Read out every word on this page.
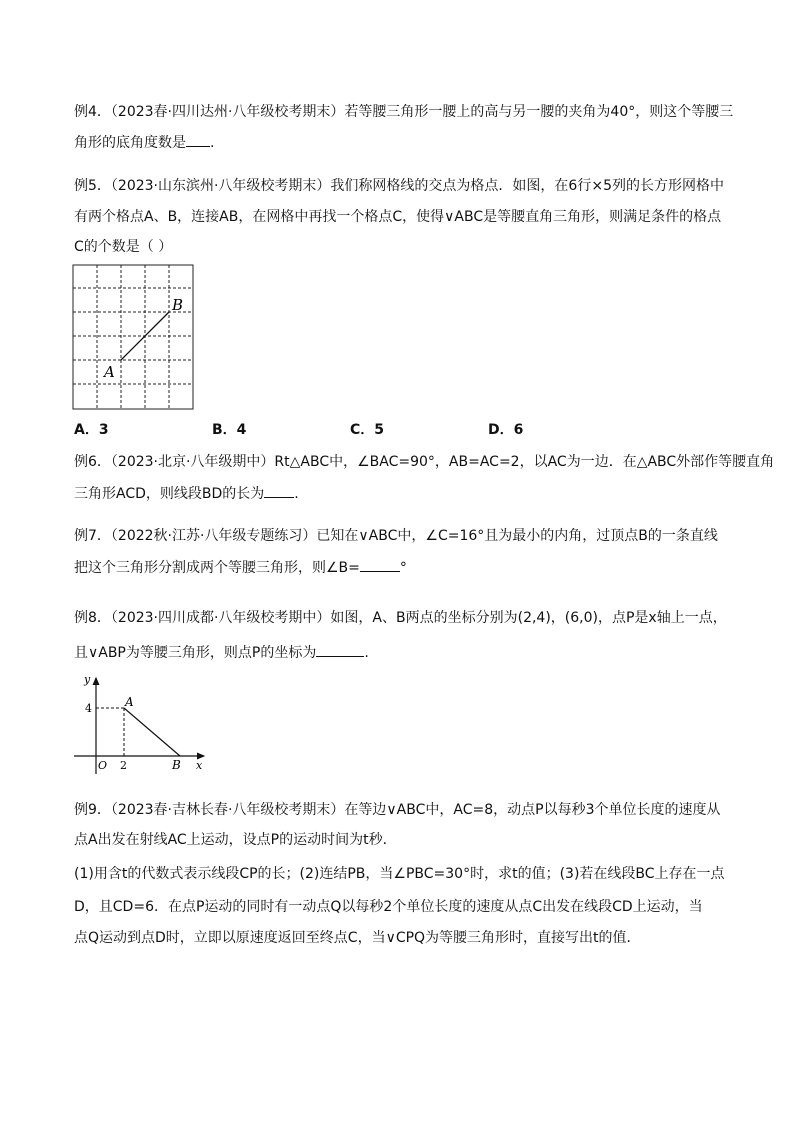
例4．（2023春·四川达州·八年级校考期末）若等腰三角形一腰上的高与另一腰的夹角为40°，则这个等腰三
角形的底角度数是 .
例5．（2023·山东滨州·八年级校考期末）我们称网格线的交点为格点．如图，在6行×5列的长方形网格中
有两个格点A、B，连接AB，在网格中再找一个格点C，使得∨ABC是等腰直角三角形，则满足条件的格点
C的个数是（ ）
A
B
A．3	B．4	C．5	D．6
例6．（2023·北京·八年级期中）Rt△ABC中，∠BAC=90°，AB=AC=2，以AC为一边．在△ABC外部作等腰直角
三角形ACD，则线段BD的长为 .
例7．（2022秋·江苏·八年级专题练习）已知在∨ABC中，∠C=16°且为最小的内角，过顶点B的一条直线
把这个三角形分割成两个等腰三角形，则∠B=	°
例8．（2023·四川成都·八年级校考期中）如图，A、B两点的坐标分别为(2,4)，(6,0)，点P是x轴上一点，
且∨ABP为等腰三角形，则点P的坐标为	.
y
x
O
4
2
A
B
例9．（2023春·吉林长春·八年级校考期末）在等边∨ABC中，AC=8，动点P以每秒3个单位长度的速度从
点A出发在射线AC上运动，设点P的运动时间为t秒．
(1)用含t的代数式表示线段CP的长；(2)连结PB，当∠PBC=30°时，求t的值；(3)若在线段BC上存在一点
D，且CD=6．在点P运动的同时有一动点Q以每秒2个单位长度的速度从点C出发在线段CD上运动，当
点Q运动到点D时，立即以原速度返回至终点C，当∨CPQ为等腰三角形时，直接写出t的值．
